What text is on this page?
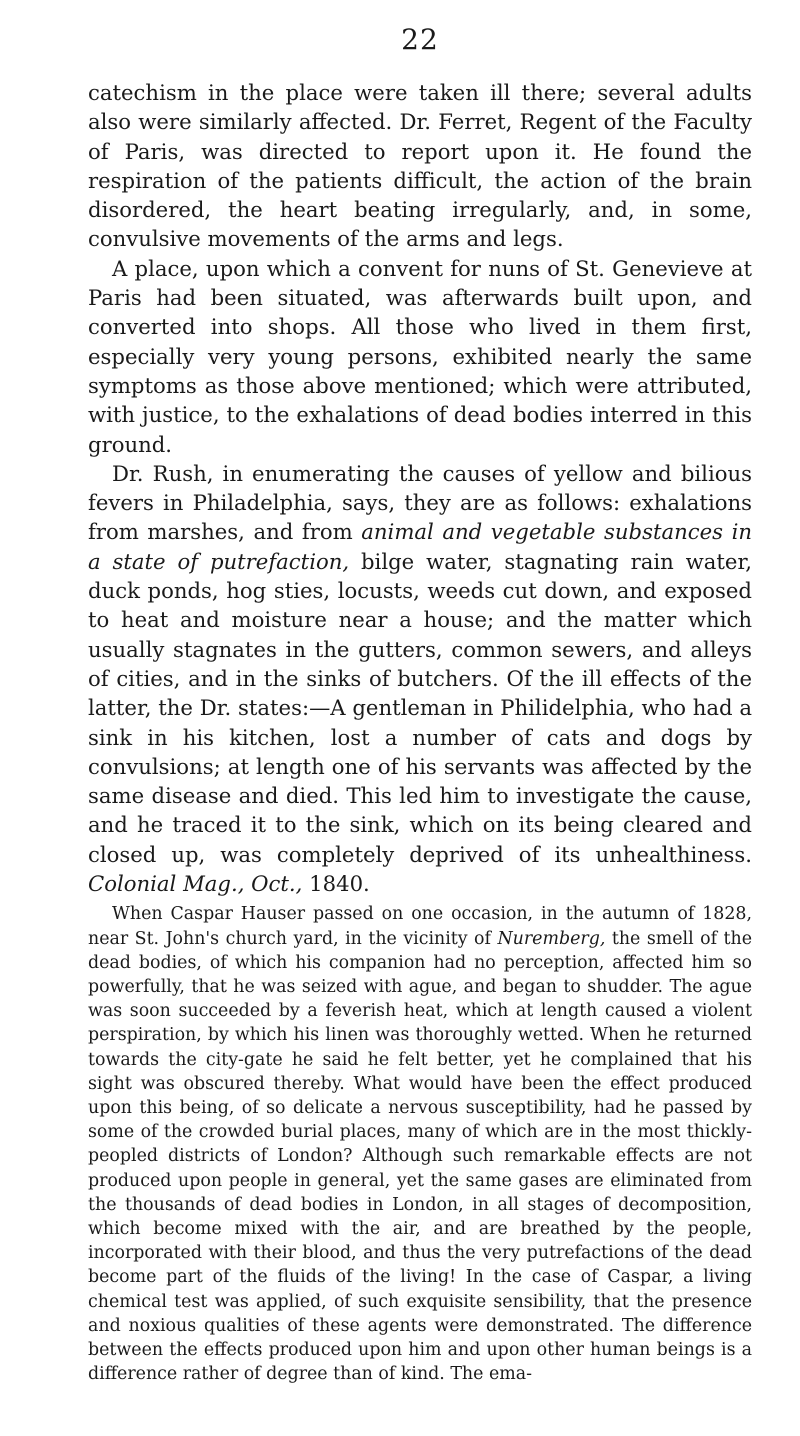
22

catechism in the place were taken ill there; several adults also were similarly affected. Dr. Ferret, Regent of the Faculty of Paris, was directed to report upon it. He found the respiration of the patients difficult, the action of the brain disordered, the heart beating irregularly, and, in some, convulsive movements of the arms and legs.

A place, upon which a convent for nuns of St. Genevieve at Paris had been situated, was afterwards built upon, and converted into shops. All those who lived in them first, especially very young persons, exhibited nearly the same symptoms as those above mentioned; which were attributed, with justice, to the exhalations of dead bodies interred in this ground.

Dr. Rush, in enumerating the causes of yellow and bilious fevers in Philadelphia, says, they are as follows: exhalations from marshes, and from animal and vegetable substances in a state of putrefaction, bilge water, stagnating rain water, duck ponds, hog sties, locusts, weeds cut down, and exposed to heat and moisture near a house; and the matter which usually stagnates in the gutters, common sewers, and alleys of cities, and in the sinks of butchers. Of the ill effects of the latter, the Dr. states:—A gentleman in Philidelphia, who had a sink in his kitchen, lost a number of cats and dogs by convulsions; at length one of his servants was affected by the same disease and died. This led him to investigate the cause, and he traced it to the sink, which on its being cleared and closed up, was completely deprived of its unhealthiness. Colonial Mag., Oct., 1840.

When Caspar Hauser passed on one occasion, in the autumn of 1828, near St. John's church yard, in the vicinity of Nuremberg, the smell of the dead bodies, of which his companion had no perception, affected him so powerfully, that he was seized with ague, and began to shudder. The ague was soon succeeded by a feverish heat, which at length caused a violent perspiration, by which his linen was thoroughly wetted. When he returned towards the city-gate he said he felt better, yet he complained that his sight was obscured thereby. What would have been the effect produced upon this being, of so delicate a nervous susceptibility, had he passed by some of the crowded burial places, many of which are in the most thickly-peopled districts of London? Although such remarkable effects are not produced upon people in general, yet the same gases are eliminated from the thousands of dead bodies in London, in all stages of decomposition, which become mixed with the air, and are breathed by the people, incorporated with their blood, and thus the very putrefactions of the dead become part of the fluids of the living! In the case of Caspar, a living chemical test was applied, of such exquisite sensibility, that the presence and noxious qualities of these agents were demonstrated. The difference between the effects produced upon him and upon other human beings is a difference rather of degree than of kind. The ema-
